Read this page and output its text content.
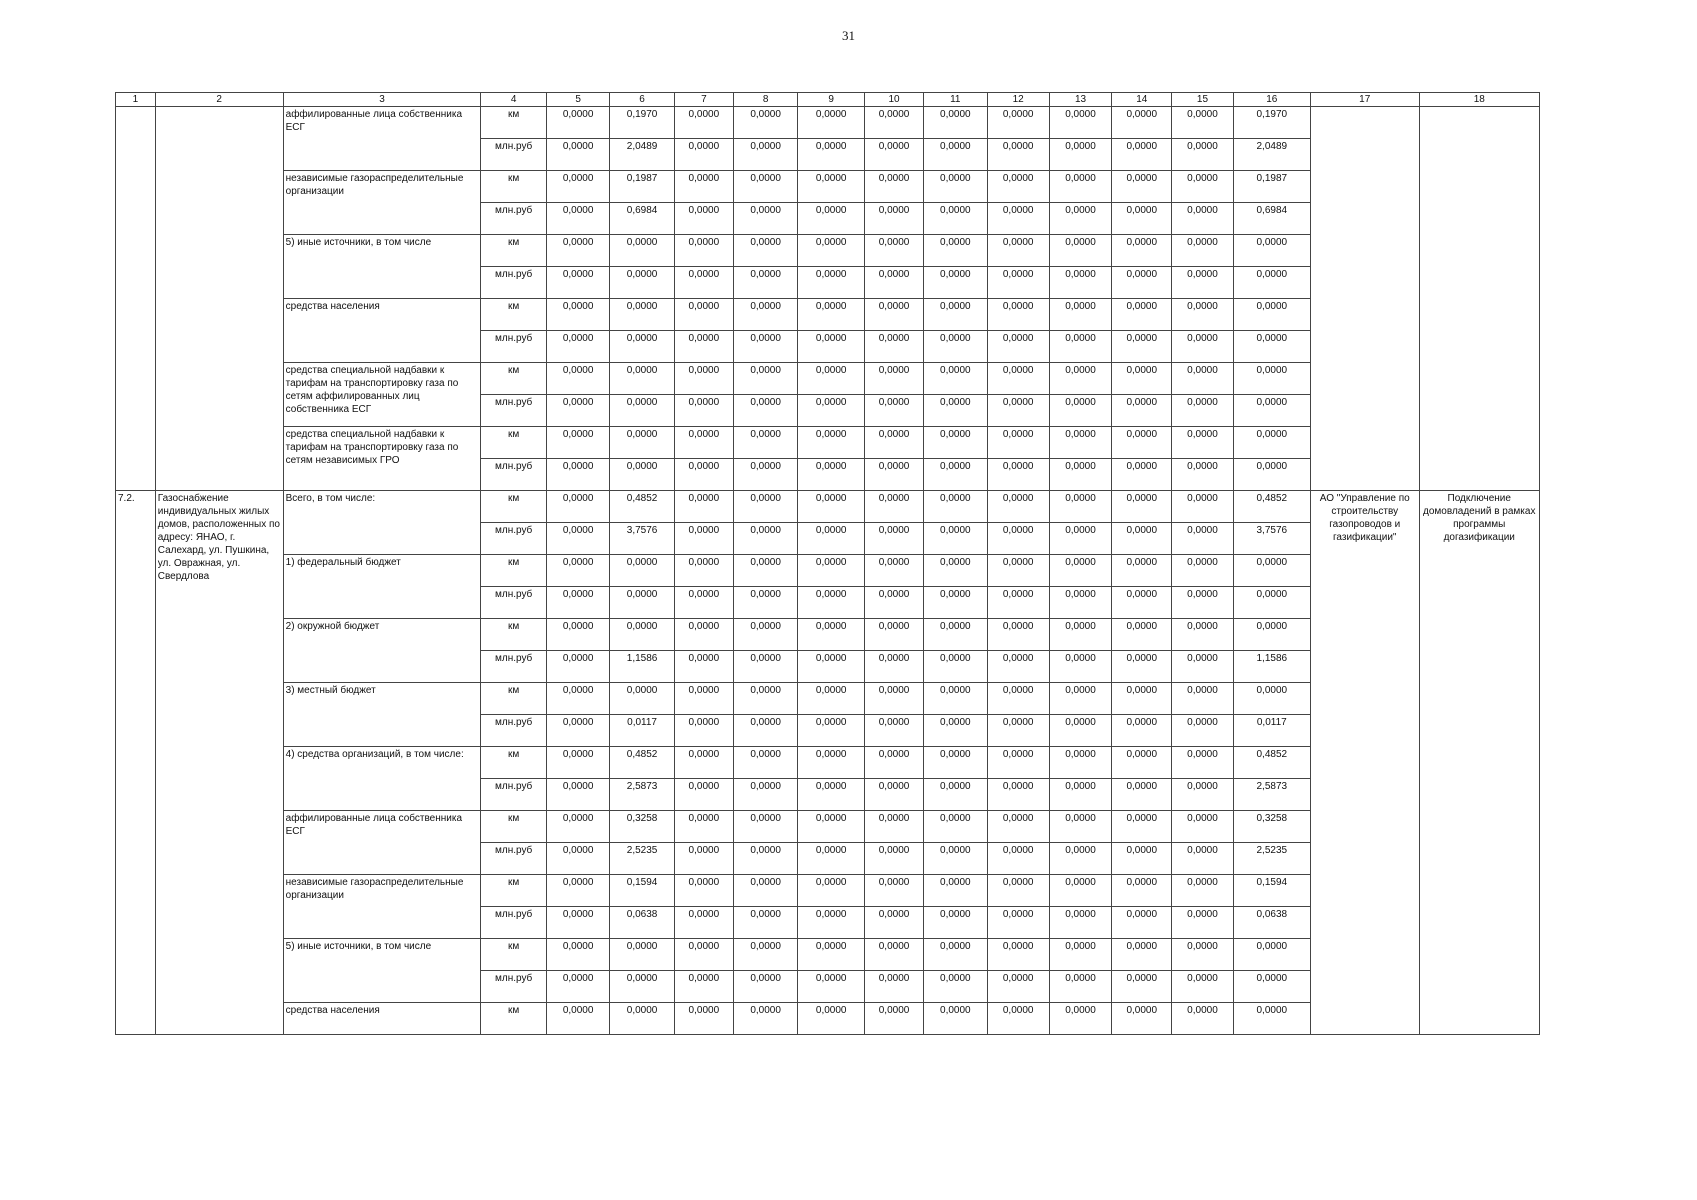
31
1	2	3	4	5	6	7	8	9	10	11	12	13	14	15	16	17	18
		аффилированные лица собственника ЕСГ	км	0,0000	0,1970	0,0000	0,0000	0,0000	0,0000	0,0000	0,0000	0,0000	0,0000	0,0000	0,1970		
			млн.руб	0,0000	2,0489	0,0000	0,0000	0,0000	0,0000	0,0000	0,0000	0,0000	0,0000	0,0000	2,0489		
		независимые газораспределительные организации	км	0,0000	0,1987	0,0000	0,0000	0,0000	0,0000	0,0000	0,0000	0,0000	0,0000	0,0000	0,1987		
			млн.руб	0,0000	0,6984	0,0000	0,0000	0,0000	0,0000	0,0000	0,0000	0,0000	0,0000	0,0000	0,6984		
		5) иные источники, в том числе	км	0,0000	0,0000	0,0000	0,0000	0,0000	0,0000	0,0000	0,0000	0,0000	0,0000	0,0000	0,0000		
			млн.руб	0,0000	0,0000	0,0000	0,0000	0,0000	0,0000	0,0000	0,0000	0,0000	0,0000	0,0000	0,0000		
		средства населения	км	0,0000	0,0000	0,0000	0,0000	0,0000	0,0000	0,0000	0,0000	0,0000	0,0000	0,0000	0,0000		
			млн.руб	0,0000	0,0000	0,0000	0,0000	0,0000	0,0000	0,0000	0,0000	0,0000	0,0000	0,0000	0,0000		
		средства специальной надбавки к тарифам на транспортировку газа по сетям аффилированных лиц собственника ЕСГ	км	0,0000	0,0000	0,0000	0,0000	0,0000	0,0000	0,0000	0,0000	0,0000	0,0000	0,0000	0,0000		
			млн.руб	0,0000	0,0000	0,0000	0,0000	0,0000	0,0000	0,0000	0,0000	0,0000	0,0000	0,0000	0,0000		
		средства специальной надбавки к тарифам на транспортировку газа по сетям независимых ГРО	км	0,0000	0,0000	0,0000	0,0000	0,0000	0,0000	0,0000	0,0000	0,0000	0,0000	0,0000	0,0000		
			млн.руб	0,0000	0,0000	0,0000	0,0000	0,0000	0,0000	0,0000	0,0000	0,0000	0,0000	0,0000	0,0000		
7.2.	Газоснабжение индивидуальных жилых домов, расположенных по адресу: ЯНАО, г. Салехард, ул. Пушкина, ул. Овражная, ул. Свердлова	Всего, в том числе:	км	0,0000	0,4852	0,0000	0,0000	0,0000	0,0000	0,0000	0,0000	0,0000	0,0000	0,0000	0,4852	АО "Управление по строительству газопроводов и газификации"	Подключение домовладений в рамках программы догазификации
			млн.руб	0,0000	3,7576	0,0000	0,0000	0,0000	0,0000	0,0000	0,0000	0,0000	0,0000	0,0000	3,7576		
		1) федеральный бюджет	км	0,0000	0,0000	0,0000	0,0000	0,0000	0,0000	0,0000	0,0000	0,0000	0,0000	0,0000	0,0000		
			млн.руб	0,0000	0,0000	0,0000	0,0000	0,0000	0,0000	0,0000	0,0000	0,0000	0,0000	0,0000	0,0000		
		2) окружной бюджет	км	0,0000	0,0000	0,0000	0,0000	0,0000	0,0000	0,0000	0,0000	0,0000	0,0000	0,0000	0,0000		
			млн.руб	0,0000	1,1586	0,0000	0,0000	0,0000	0,0000	0,0000	0,0000	0,0000	0,0000	0,0000	1,1586		
		3) местный бюджет	км	0,0000	0,0000	0,0000	0,0000	0,0000	0,0000	0,0000	0,0000	0,0000	0,0000	0,0000	0,0000		
			млн.руб	0,0000	0,0117	0,0000	0,0000	0,0000	0,0000	0,0000	0,0000	0,0000	0,0000	0,0000	0,0117		
		4) средства организаций, в том числе:	км	0,0000	0,4852	0,0000	0,0000	0,0000	0,0000	0,0000	0,0000	0,0000	0,0000	0,0000	0,4852		
			млн.руб	0,0000	2,5873	0,0000	0,0000	0,0000	0,0000	0,0000	0,0000	0,0000	0,0000	0,0000	2,5873		
		аффилированные лица собственника ЕСГ	км	0,0000	0,3258	0,0000	0,0000	0,0000	0,0000	0,0000	0,0000	0,0000	0,0000	0,0000	0,3258		
			млн.руб	0,0000	2,5235	0,0000	0,0000	0,0000	0,0000	0,0000	0,0000	0,0000	0,0000	0,0000	2,5235		
		независимые газораспределительные организации	км	0,0000	0,1594	0,0000	0,0000	0,0000	0,0000	0,0000	0,0000	0,0000	0,0000	0,0000	0,1594		
			млн.руб	0,0000	0,0638	0,0000	0,0000	0,0000	0,0000	0,0000	0,0000	0,0000	0,0000	0,0000	0,0638		
		5) иные источники, в том числе	км	0,0000	0,0000	0,0000	0,0000	0,0000	0,0000	0,0000	0,0000	0,0000	0,0000	0,0000	0,0000		
			млн.руб	0,0000	0,0000	0,0000	0,0000	0,0000	0,0000	0,0000	0,0000	0,0000	0,0000	0,0000	0,0000		
		средства населения	км	0,0000	0,0000	0,0000	0,0000	0,0000	0,0000	0,0000	0,0000	0,0000	0,0000	0,0000	0,0000		
